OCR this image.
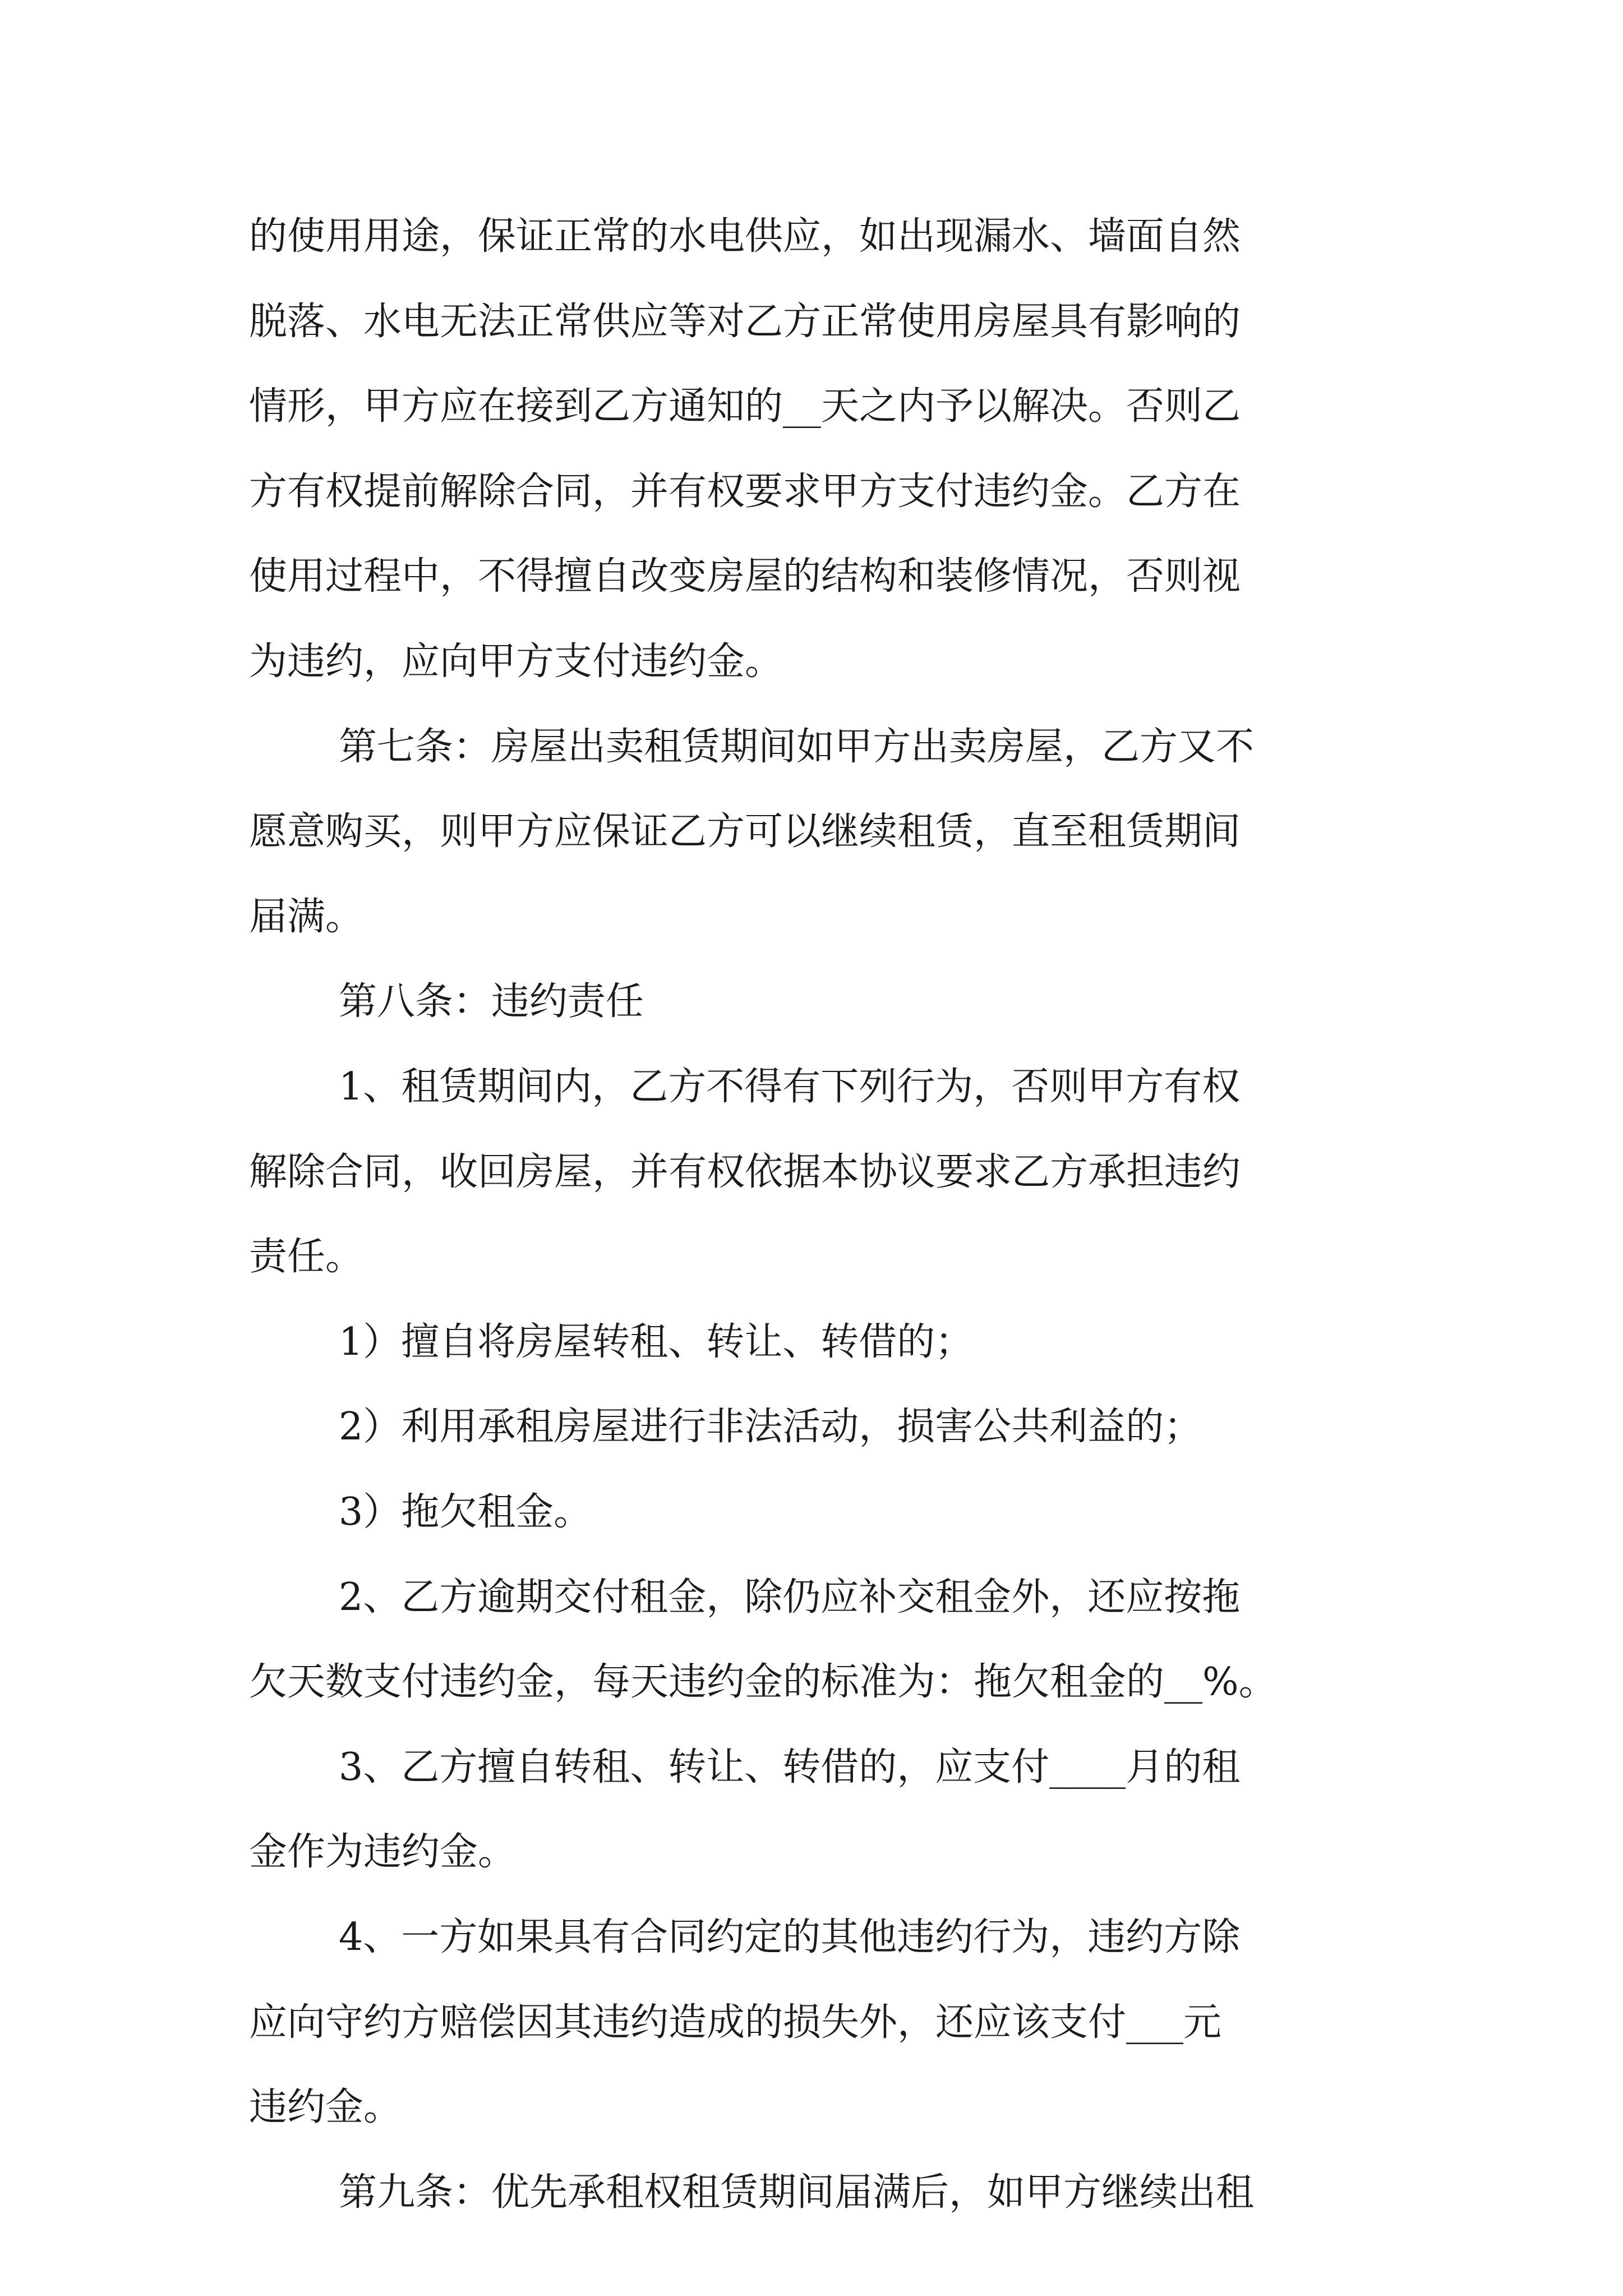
的使用用途，保证正常的水电供应，如出现漏水、墙面自然

脱落、水电无法正常供应等对乙方正常使用房屋具有影响的

情形，甲方应在接到乙方通知的__天之内予以解决。否则乙

方有权提前解除合同，并有权要求甲方支付违约金。乙方在

使用过程中，不得擅自改变房屋的结构和装修情况，否则视

为违约，应向甲方支付违约金。

第七条：房屋出卖租赁期间如甲方出卖房屋，乙方又不

愿意购买，则甲方应保证乙方可以继续租赁，直至租赁期间

届满。

第八条：违约责任

1、租赁期间内，乙方不得有下列行为，否则甲方有权

解除合同，收回房屋，并有权依据本协议要求乙方承担违约

责任。

1）擅自将房屋转租、转让、转借的；

2）利用承租房屋进行非法活动，损害公共利益的；

3）拖欠租金。

2、乙方逾期交付租金，除仍应补交租金外，还应按拖

欠天数支付违约金，每天违约金的标准为：拖欠租金的__%。

3、乙方擅自转租、转让、转借的，应支付____月的租

金作为违约金。

4、一方如果具有合同约定的其他违约行为，违约方除

应向守约方赔偿因其违约造成的损失外，还应该支付___元

违约金。

第九条：优先承租权租赁期间届满后，如甲方继续出租
